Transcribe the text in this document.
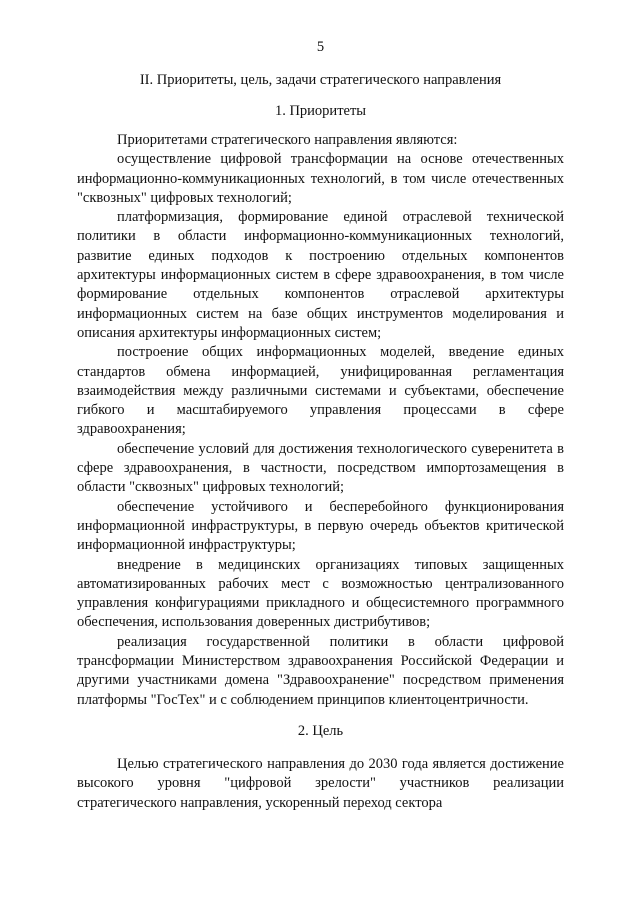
5
II. Приоритеты, цель, задачи стратегического направления
1. Приоритеты

Приоритетами стратегического направления являются:

осуществление цифровой трансформации на основе отечественных информационно-коммуникационных технологий, в том числе отечественных "сквозных" цифровых технологий;

платформизация, формирование единой отраслевой технической политики в области информационно-коммуникационных технологий, развитие единых подходов к построению отдельных компонентов архитектуры информационных систем в сфере здравоохранения, в том числе формирование отдельных компонентов отраслевой архитектуры информационных систем на базе общих инструментов моделирования и описания архитектуры информационных систем;

построение общих информационных моделей, введение единых стандартов обмена информацией, унифицированная регламентация взаимодействия между различными системами и субъектами, обеспечение гибкого и масштабируемого управления процессами в сфере здравоохранения;

обеспечение условий для достижения технологического суверенитета в сфере здравоохранения, в частности, посредством импортозамещения в области "сквозных" цифровых технологий;

обеспечение устойчивого и бесперебойного функционирования информационной инфраструктуры, в первую очередь объектов критической информационной инфраструктуры;

внедрение в медицинских организациях типовых защищенных автоматизированных рабочих мест с возможностью централизованного управления конфигурациями прикладного и общесистемного программного обеспечения, использования доверенных дистрибутивов;

реализация государственной политики в области цифровой трансформации Министерством здравоохранения Российской Федерации и другими участниками домена "Здравоохранение" посредством применения платформы "ГосТех" и с соблюдением принципов клиентоцентричности.

2. Цель

Целью стратегического направления до 2030 года является достижение высокого уровня "цифровой зрелости" участников реализации стратегического направления, ускоренный переход сектора
